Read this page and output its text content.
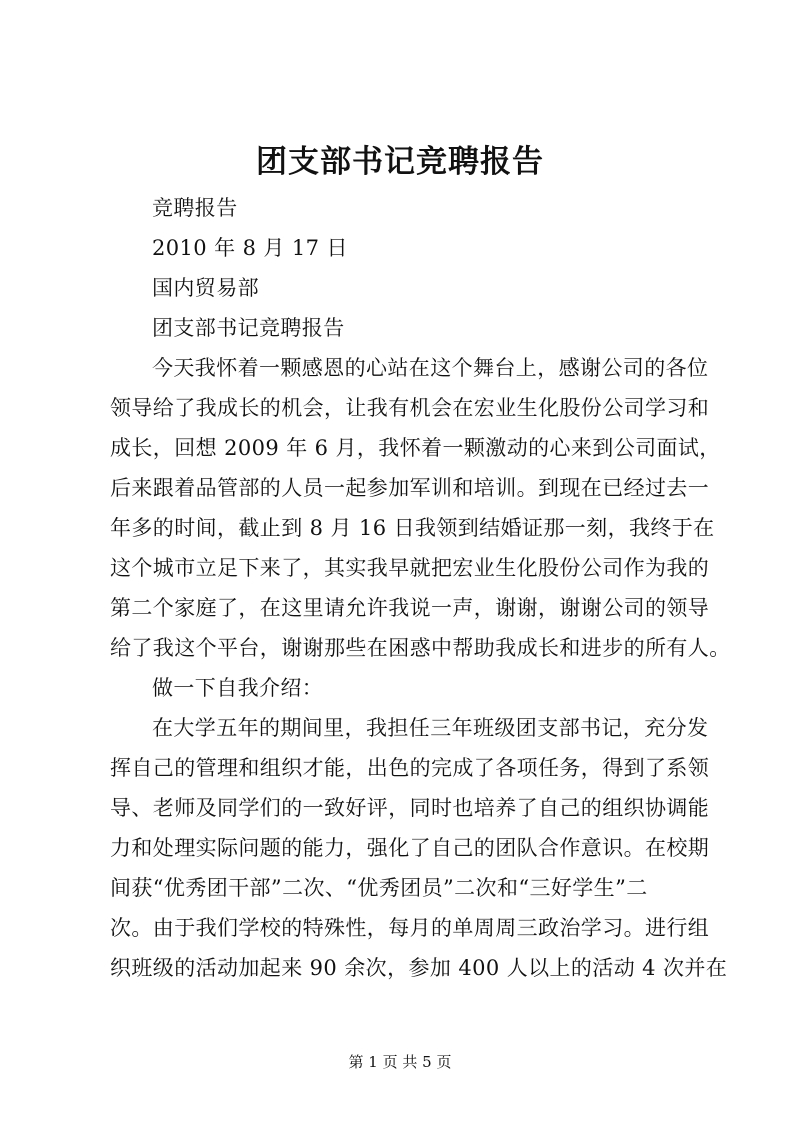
团支部书记竞聘报告
竞聘报告
2010 年 8 月 17 日
国内贸易部
团支部书记竞聘报告
今天我怀着一颗感恩的心站在这个舞台上，感谢公司的各位
领导给了我成长的机会，让我有机会在宏业生化股份公司学习和
成长，回想 2009 年 6 月，我怀着一颗激动的心来到公司面试，
后来跟着品管部的人员一起参加军训和培训。到现在已经过去一
年多的时间，截止到 8 月 16 日我领到结婚证那一刻，我终于在
这个城市立足下来了，其实我早就把宏业生化股份公司作为我的
第二个家庭了，在这里请允许我说一声，谢谢，谢谢公司的领导
给了我这个平台，谢谢那些在困惑中帮助我成长和进步的所有人。
做一下自我介绍：
在大学五年的期间里，我担任三年班级团支部书记，充分发
挥自己的管理和组织才能，出色的完成了各项任务，得到了系领
导、老师及同学们的一致好评，同时也培养了自己的组织协调能
力和处理实际问题的能力，强化了自己的团队合作意识。在校期
间获“优秀团干部”二次、“优秀团员”二次和“三好学生”二
次。由于我们学校的特殊性，每月的单周周三政治学习。进行组
织班级的活动加起来 90 余次，参加 400 人以上的活动 4 次并在
第 1 页 共 5 页
